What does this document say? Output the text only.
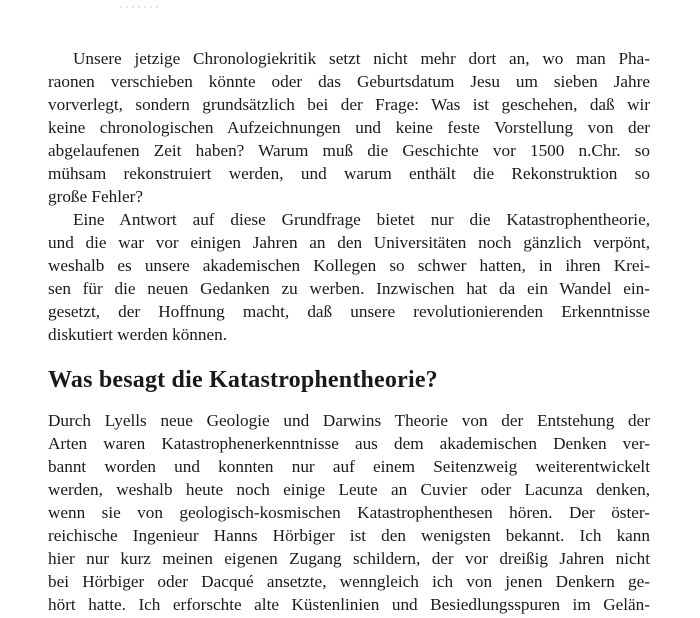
Unsere jetzige Chronologiekritik setzt nicht mehr dort an, wo man Pha-
raonen verschieben könnte oder das Geburtsdatum Jesu um sieben Jahre
vorverlegt, sondern grundsätzlich bei der Frage: Was ist geschehen, daß wir
keine chronologischen Aufzeichnungen und keine feste Vorstellung von der
abgelaufenen Zeit haben? Warum muß die Geschichte vor 1500 n.Chr. so
mühsam rekonstruiert werden, und warum enthält die Rekonstruktion so
große Fehler?
Eine Antwort auf diese Grundfrage bietet nur die Katastrophentheorie,
und die war vor einigen Jahren an den Universitäten noch gänzlich verpönt,
weshalb es unsere akademischen Kollegen so schwer hatten, in ihren Krei-
sen für die neuen Gedanken zu werben. Inzwischen hat da ein Wandel ein-
gesetzt, der Hoffnung macht, daß unsere revolutionierenden Erkenntnisse
diskutiert werden können.
Was besagt die Katastrophentheorie?
Durch Lyells neue Geologie und Darwins Theorie von der Entstehung der
Arten waren Katastrophenerkenntnisse aus dem akademischen Denken ver-
bannt worden und konnten nur auf einem Seitenzweig weiterentwickelt
werden, weshalb heute noch einige Leute an Cuvier oder Lacunza denken,
wenn sie von geologisch-kosmischen Katastrophenthesen hören. Der öster-
reichische Ingenieur Hanns Hörbiger ist den wenigsten bekannt. Ich kann
hier nur kurz meinen eigenen Zugang schildern, der vor dreißig Jahren nicht
bei Hörbiger oder Dacqué ansetzte, wenngleich ich von jenen Denkern ge-
hört hatte. Ich erforschte alte Küstenlinien und Besiedlungsspuren im Gelän-
